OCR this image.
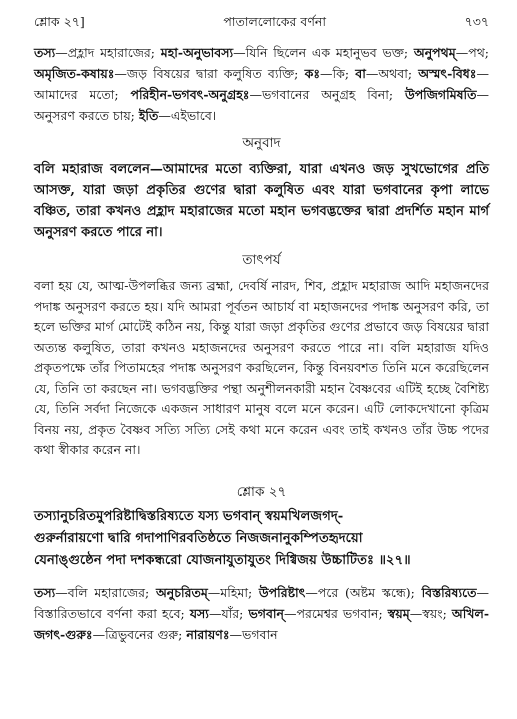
শ্লোক ২৭]	পাতাললোকের বর্ণনা	৭৩৭

তস্য—প্রহ্লাদ মহারাজের; মহা-অনুভাবস্য—যিনি ছিলেন এক মহানুভব ভক্ত; অনুপথম্—পথ; অমৃজিত-কষায়ঃ—জড় বিষয়ের দ্বারা কলুষিত ব্যক্তি; কঃ—কি; বা—অথবা; অস্মৎ-বিধঃ—আমাদের মতো; পরিহীন-ভগবৎ-অনুগ্রহঃ—ভগবানের অনুগ্রহ বিনা; উপজিগমিষতি—অনুসরণ করতে চায়; ইতি—এইভাবে।

অনুবাদ

বলি মহারাজ বললেন—আমাদের মতো ব্যক্তিরা, যারা এখনও জড় সুখভোগের প্রতি আসক্ত, যারা জড়া প্রকৃতির গুণের দ্বারা কলুষিত এবং যারা ভগবানের কৃপা লাভে বঞ্চিত, তারা কখনও প্রহ্লাদ মহারাজের মতো মহান ভগবদ্ভক্তের দ্বারা প্রদর্শিত মহান মার্গ অনুসরণ করতে পারে না।

তাৎপর্য

বলা হয় যে, আত্ম-উপলব্ধির জন্য ব্রহ্মা, দেবর্ষি নারদ, শিব, প্রহ্লাদ মহারাজ আদি মহাজনদের পদাঙ্ক অনুসরণ করতে হয়। যদি আমরা পূর্বতন আচার্য বা মহাজনদের পদাঙ্ক অনুসরণ করি, তা হলে ভক্তির মার্গ মোটেই কঠিন নয়, কিন্তু যারা জড়া প্রকৃতির গুণের প্রভাবে জড় বিষয়ের দ্বারা অত্যন্ত কলুষিত, তারা কখনও মহাজনদের অনুসরণ করতে পারে না। বলি মহারাজ যদিও প্রকৃতপক্ষে তাঁর পিতামহের পদাঙ্ক অনুসরণ করছিলেন, কিন্তু বিনয়বশত তিনি মনে করেছিলেন যে, তিনি তা করছেন না। ভগবদ্ভক্তির পন্থা অনুশীলনকারী মহান বৈষ্ণবের এটিই হচ্ছে বৈশিষ্ট্য যে, তিনি সর্বদা নিজেকে একজন সাধারণ মানুষ বলে মনে করেন। এটি লোকদেখানো কৃত্রিম বিনয় নয়, প্রকৃত বৈষ্ণব সত্যি সত্যি সেই কথা মনে করেন এবং তাই কখনও তাঁর উচ্চ পদের কথা স্বীকার করেন না।

শ্লোক ২৭
তস্যানুচরিতমুপরিষ্টাদ্বিস্তরিষ্যতে যস্য ভগবান্ স্বয়মখিলজগদ্-
গুরুর্নারায়ণো দ্বারি গদাপাণিরবতিষ্ঠতে নিজজনানুকম্পিতহৃদয়ো
যেনাঙ্গুষ্ঠেন পদা দশকন্ধরো যোজনাযুতাযুতং দিগ্বিজয় উচ্চাটিতঃ ॥২৭॥

তস্য—বলি মহারাজের; অনুচরিতম্—মহিমা; উপরিষ্টাৎ—পরে (অষ্টম স্কন্ধে); বিস্তরিষ্যতে—বিস্তারিতভাবে বর্ণনা করা হবে; যস্য—যাঁর; ভগবান্—পরমেশ্বর ভগবান; স্বয়ম্—স্বয়ং; অখিল-জগৎ-গুরুঃ—ত্রিভুবনের গুরু; নারায়ণঃ—ভগবান
